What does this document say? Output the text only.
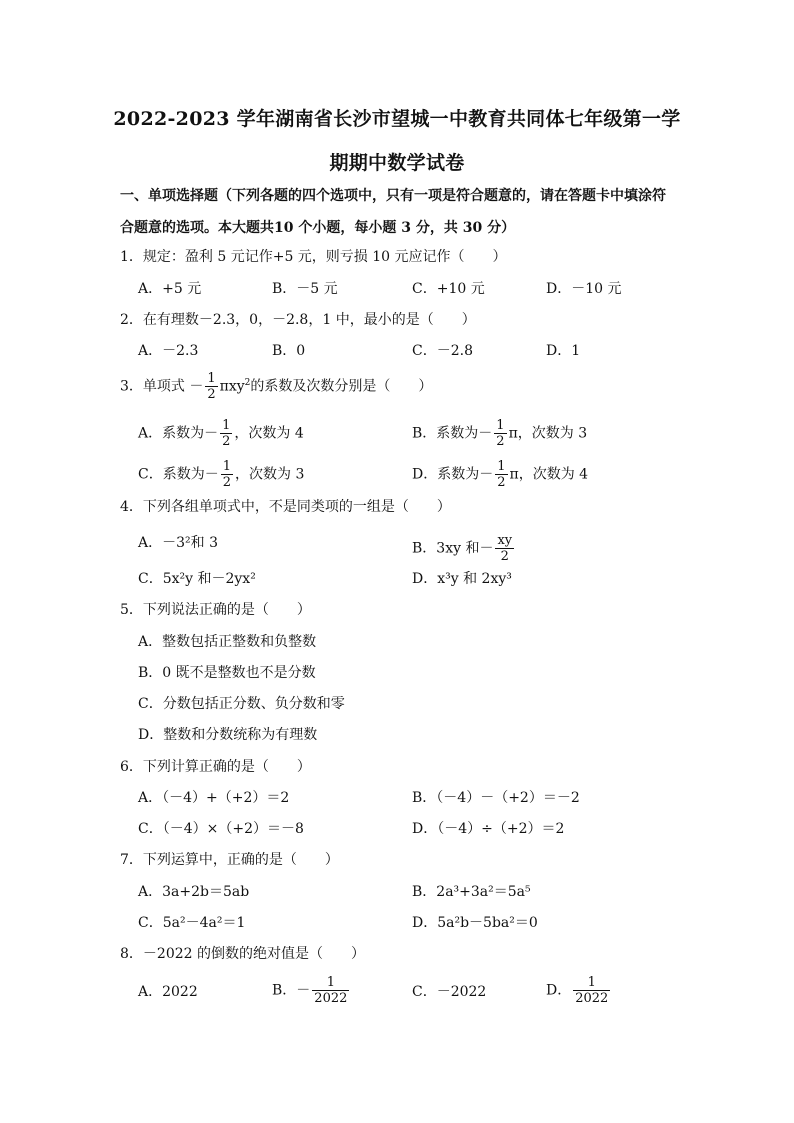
2022-2023 学年湖南省长沙市望城一中教育共同体七年级第一学
期期中数学试卷
一、单项选择题（下列各题的四个选项中，只有一项是符合题意的，请在答题卡中填涂符
合题意的选项。本大题共10 个小题，每小题 3 分，共 30 分）
1．规定：盈利 5 元记作+5 元，则亏损 10 元应记作（　　）
A．+5 元	B．－5 元	C．+10 元	D．－10 元
2．在有理数－2.3，0，－2.8，1 中，最小的是（　　）
A．－2.3	B．0	C．－2.8	D．1
3．单项式 － $\frac{1}{2} \pi xy^2$的系数及次数分别是（　　）
A．系数为－ $\frac{1}{2}$ ，次数为 4	B．系数为－ $\frac{1}{2}$ π，次数为 3
C．系数为－ $\frac{1}{2}$ ，次数为 3	D．系数为－ $\frac{1}{2}$ π，次数为 4
4．下列各组单项式中，不是同类项的一组是（　　）
A．－3²和 3	B．3xy 和－ $\frac{xy}{2}$
C．5x²y 和－2yx²	D．x³y 和 2xy³
5．下列说法正确的是（　　）
A．整数包括正整数和负整数
B．0 既不是整数也不是分数
C．分数包括正分数、负分数和零
D．整数和分数统称为有理数
6．下列计算正确的是（　　）
A．（－4）+（+2）＝2	B．（－4）－（+2）＝－2
C．（－4）×（+2）＝－8	D．（－4）÷（+2）＝2
7．下列运算中，正确的是（　　）
A．3a+2b＝5ab	B．2a³+3a²＝5a⁵
C．5a²－4a²＝1	D．5a²b－5ba²＝0
8．－2022 的倒数的绝对值是（　　）
A．2022	B．－ $\frac{1}{2022}$	C．－2022	D． $\frac{1}{2022}$
